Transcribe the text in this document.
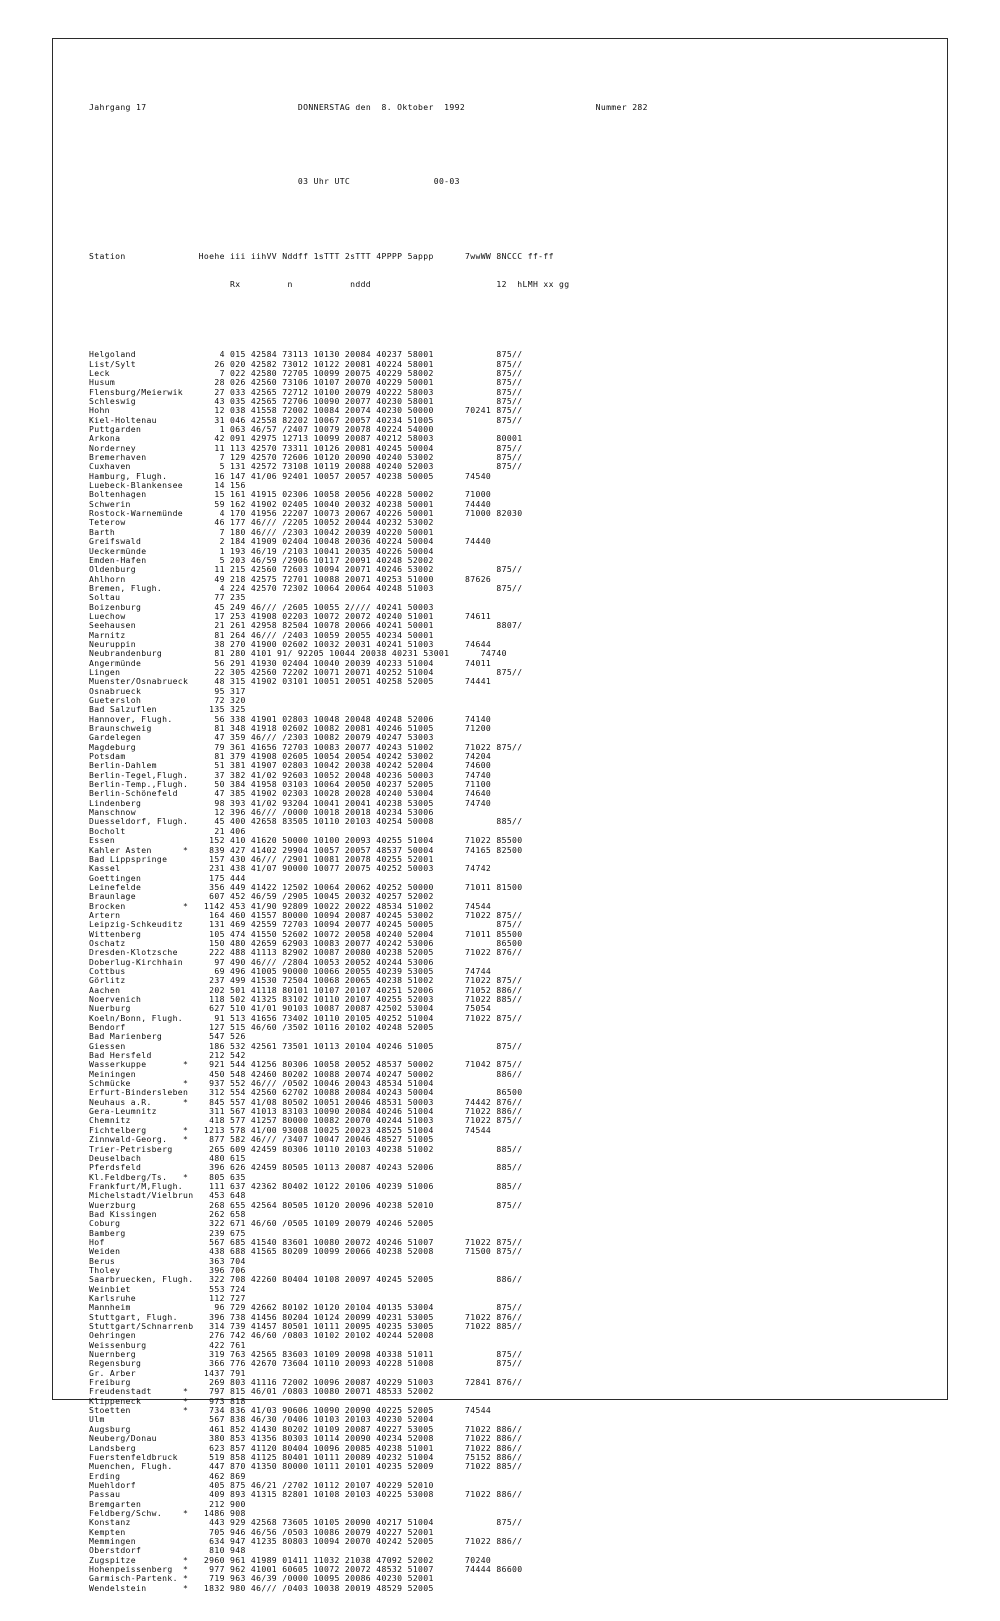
Jahrgang 17	DONNERSTAG den  8. Oktober  1992	Nummer 282

03 Uhr UTC                00-03

Station              Hoehe iii iihVV Nddff 1sTTT 2sTTT 4PPPP 5appp      7wwWW 8NCCC ff-ff

Rx         n           nddd                        12  hLMH xx gg

Helgoland                4 015 42584 73113 10130 20084 40237 58001            875//
List/Sylt               26 020 42582 73012 10122 20081 40224 58001            875//
Leck                     7 022 42580 72705 10099 20075 40229 58002            875//
Husum                   28 026 42560 73106 10107 20070 40229 50001            875//
Flensburg/Meierwik      27 033 42565 72712 10100 20079 40222 58003            875//
Schleswig               43 035 42565 72706 10090 20077 40230 58001            875//
Hohn                    12 038 41558 72002 10084 20074 40230 50000      70241 875//
Kiel-Holtenau           31 046 42558 82202 10067 20057 40234 51005            875//
Puttgarden               1 063 46/57 /2407 10079 20078 40224 54000
Arkona                  42 091 42975 12713 10099 20087 40212 58003            80001
Norderney               11 113 42570 73311 10126 20081 40245 50004            875//
Bremerhaven              7 129 42570 72606 10120 20090 40240 53002            875//
Cuxhaven                 5 131 42572 73108 10119 20088 40240 52003            875//
Hamburg, Flugh.         16 147 41/06 92401 10057 20057 40238 50005      74540
Luebeck-Blankensee      14 156
Boltenhagen             15 161 41915 02306 10058 20056 40228 50002      71000
Schwerin                59 162 41902 02405 10040 20032 40238 50001      74440
Rostock-Warnemünde       4 170 41956 22207 10073 20067 40226 50001      71000 82030
Teterow                 46 177 46/// /2205 10052 20044 40232 53002
Barth                    7 180 46/// /2303 10042 20039 40220 50001
Greifswald               2 184 41909 02404 10048 20036 40224 50004      74440
Ueckermünde              1 193 46/19 /2103 10041 20035 40226 50004
Emden-Hafen              5 203 46/59 /2906 10117 20091 40248 52002
Oldenburg               11 215 42560 72603 10094 20071 40246 53002            875//
Ahlhorn                 49 218 42575 72701 10088 20071 40253 51000      87626
Bremen, Flugh.           4 224 42570 72302 10064 20064 40248 51003            875//
Soltau                  77 235
Boizenburg              45 249 46/// /2605 10055 2//// 40241 50003
Luechow                 17 253 41908 02203 10072 20072 40240 51001      74611
Seehausen               21 261 42958 82504 10078 20066 40241 50001            8807/
Marnitz                 81 264 46/// /2403 10059 20055 40234 50001
Neuruppin               38 270 41900 02602 10032 20031 40241 51003      74644
Neubrandenburg          81 280 4101 91/ 92205 10044 20038 40231 53001      74740
Angermünde              56 291 41930 02404 10040 20039 40233 51004      74011
Lingen                  22 305 42560 72202 10071 20071 40252 51004            875//
Muenster/Osnabrueck     48 315 41902 03101 10051 20051 40258 52005      74441
Osnabrueck              95 317
Guetersloh              72 320
Bad Salzuflen          135 325
Hannover, Flugh.        56 338 41901 02803 10048 20048 40248 52006      74140
Braunschweig            81 348 41918 02602 10082 20081 40246 51005      71200
Gardelegen              47 359 46/// /2303 10082 20079 40247 53003
Magdeburg               79 361 41656 72703 10083 20077 40243 51002      71022 875//
Potsdam                 81 379 41908 02605 10054 20054 40242 53002      74204
Berlin-Dahlem           51 381 41907 02803 10042 20038 40242 52004      74600
Berlin-Tegel,Flugh.     37 382 41/02 92603 10052 20048 40236 50003      74740
Berlin-Temp.,Flugh.     50 384 41958 03103 10064 20050 40237 52005      71100
Berlin-Schönefeld       47 385 41902 02303 10028 20028 40240 53004      74640
Lindenberg              98 393 41/02 93204 10041 20041 40238 53005      74740
Manschnow               12 396 46/// /0000 10018 20018 40234 53006
Duesseldorf, Flugh.     45 400 42658 83505 10110 20103 40254 50008            885//
Bocholt                 21 406
Essen                  152 410 41620 50000 10100 20093 40255 51004      71022 85500
Kahler Asten      *    839 427 41402 29904 10057 20057 48537 50004      74165 82500
Bad Lippspringe        157 430 46/// /2901 10081 20078 40255 52001
Kassel                 231 438 41/07 90000 10077 20075 40252 50003      74742
Goettingen             175 444
Leinefelde             356 449 41422 12502 10064 20062 40252 50000      71011 81500
Braunlage              607 452 46/59 /2905 10045 20032 40257 52002
Brocken           *   1142 453 41/90 92809 10022 20022 48534 51002      74544
Artern                 164 460 41557 80000 10094 20087 40245 53002      71022 875//
Leipzig-Schkeuditz     131 469 42559 72703 10094 20077 40245 50005            875//
Wittenberg             105 474 41550 52602 10072 20058 40240 52004      71011 85500
Oschatz                150 480 42659 62903 10083 20077 40242 53006            86500
Dresden-Klotzsche      222 488 41113 82902 10087 20080 40238 52005      71022 876//
Doberlug-Kirchhain      97 490 46/// /2804 10053 20052 40244 53006
Cottbus                 69 496 41005 90000 10066 20055 40239 53005      74744
Görlitz                237 499 41530 72504 10068 20065 40238 51002      71022 875//
Aachen                 202 501 41118 80101 10107 20107 40251 52006      71052 886//
Noervenich             118 502 41325 83102 10110 20107 40255 52003      71022 885//
Nuerburg               627 510 41/01 90103 10087 20087 42502 53004      75054
Koeln/Bonn, Flugh.      91 513 41656 73402 10110 20105 40252 51004      71022 875//
Bendorf                127 515 46/60 /3502 10116 20102 40248 52005
Bad Marienberg         547 526
Giessen                186 532 42561 73501 10113 20104 40246 51005            875//
Bad Hersfeld           212 542
Wasserkuppe       *    921 544 41256 80306 10058 20052 48537 50002      71042 875//
Meiningen              450 548 42460 80202 10088 20074 40247 50002            886//
Schmücke          *    937 552 46/// /0502 10046 20043 48534 51004
Erfurt-Bindersleben    312 554 42560 62702 10088 20084 40243 50004            86500
Neuhaus a.R.      *    845 557 41/08 80502 10051 20046 48531 50003      74442 876//
Gera-Leumnitz          311 567 41013 83103 10090 20084 40246 51004      71022 886//
Chemnitz               418 577 41257 80000 10082 20070 40244 51003      71022 875//
Fichtelberg       *   1213 578 41/00 93008 10025 20023 48525 51004      74544
Zinnwald-Georg.   *    877 582 46/// /3407 10047 20046 48527 51005
Trier-Petrisberg       265 609 42459 80306 10110 20103 40238 51002            885//
Deuselbach             480 615
Pferdsfeld             396 626 42459 80505 10113 20087 40243 52006            885//
Kl.Feldberg/Ts.   *    805 635
Frankfurt/M,Flugh.     111 637 42362 80402 10122 20106 40239 51006            885//
Michelstadt/Vielbrun   453 648
Wuerzburg              268 655 42564 80505 10120 20096 40238 52010            875//
Bad Kissingen          262 658
Coburg                 322 671 46/60 /0505 10109 20079 40246 52005
Bamberg                239 675
Hof                    567 685 41540 83601 10080 20072 40246 51007      71022 875//
Weiden                 438 688 41565 80209 10099 20066 40238 52008      71500 875//
Berus                  363 704
Tholey                 396 706
Saarbruecken, Flugh.   322 708 42260 80404 10108 20097 40245 52005            886//
Weinbiet               553 724
Karlsruhe              112 727
Mannheim                96 729 42662 80102 10120 20104 40135 53004            875//
Stuttgart, Flugh.      396 738 41456 80204 10124 20099 40231 53005      71022 876//
Stuttgart/Schnarrenb   314 739 41457 80501 10111 20095 40235 53005      71022 885//
Oehringen              276 742 46/60 /0803 10102 20102 40244 52008
Weissenburg            422 761
Nuernberg              319 763 42565 83603 10109 20098 40338 51011            875//
Regensburg             366 776 42670 73604 10110 20093 40228 51008            875//
Gr. Arber             1437 791
Freiburg               269 803 41116 72002 10096 20087 40229 51003      72841 876//
Freudenstadt      *    797 815 46/01 /0803 10080 20071 48533 52002
Klippeneck        *    973 818
Stoetten          *    734 836 41/03 90606 10090 20090 40225 52005      74544
Ulm                    567 838 46/30 /0406 10103 20103 40230 52004
Augsburg               461 852 41430 80202 10109 20087 40227 53005      71022 886//
Neuberg/Donau          380 853 41356 80303 10114 20090 40234 52008      71022 886//
Landsberg              623 857 41120 80404 10096 20085 40238 51001      71022 886//
Fuerstenfeldbruck      519 858 41125 80401 10111 20089 40232 51004      75152 886//
Muenchen, Flugh.       447 870 41350 80000 10111 20101 40235 52009      71022 885//
Erding                 462 869
Muehldorf              405 875 46/21 /2702 10112 20107 40229 52010
Passau                 409 893 41315 82801 10108 20103 40225 53008      71022 886//
Bremgarten             212 900
Feldberg/Schw.    *   1486 908
Konstanz               443 929 42568 73605 10105 20090 40217 51004            875//
Kempten                705 946 46/56 /0503 10086 20079 40227 52001
Memmingen              634 947 41235 80803 10094 20070 40242 52005      71022 886//
Oberstdorf             810 948
Zugspitze         *   2960 961 41989 01411 11032 21038 47092 52002      70240
Hohenpeissenberg  *    977 962 41001 60605 10072 20072 48532 51007      74444 86600
Garmisch-Partenk. *    719 963 46/39 /0000 10095 20086 40230 52001
Wendelstein       *   1832 980 46/// /0403 10038 20019 48529 52005
